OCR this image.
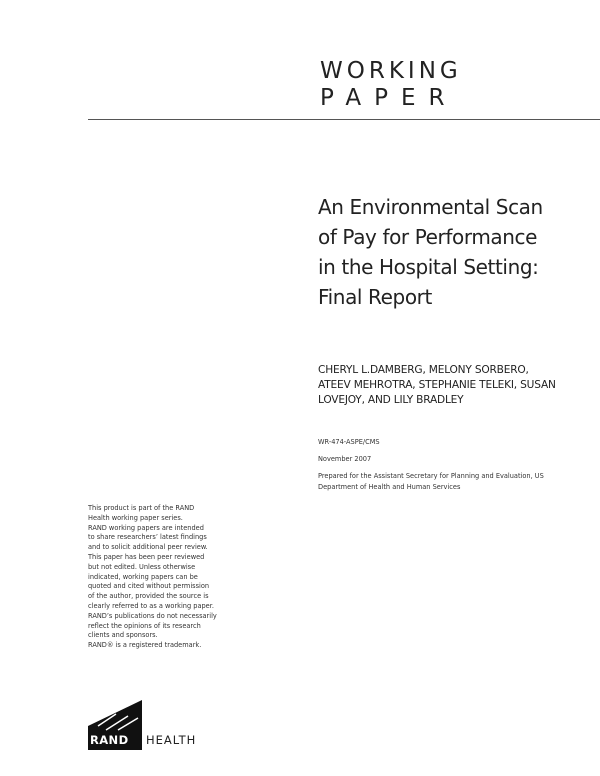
WORKING
PAPER
An Environmental Scan
of Pay for Performance
in the Hospital Setting:
Final Report
CHERYL L.DAMBERG, MELONY SORBERO,
ATEEV MEHROTRA, STEPHANIE TELEKI, SUSAN
LOVEJOY, AND LILY BRADLEY
WR-474-ASPE/CMS
November 2007
Prepared for the Assistant Secretary for Planning and Evaluation, US
Department of Health and Human Services
This product is part of the RAND
Health working paper series.
RAND working papers are intended
to share researchers’ latest findings
and to solicit additional peer review.
This paper has been peer reviewed
but not edited. Unless otherwise
indicated, working papers can be
quoted and cited without permission
of the author, provided the source is
clearly referred to as a working paper.
RAND’s publications do not necessarily
reflect the opinions of its research
clients and sponsors.
RAND® is a registered trademark.
RAND HEALTH
